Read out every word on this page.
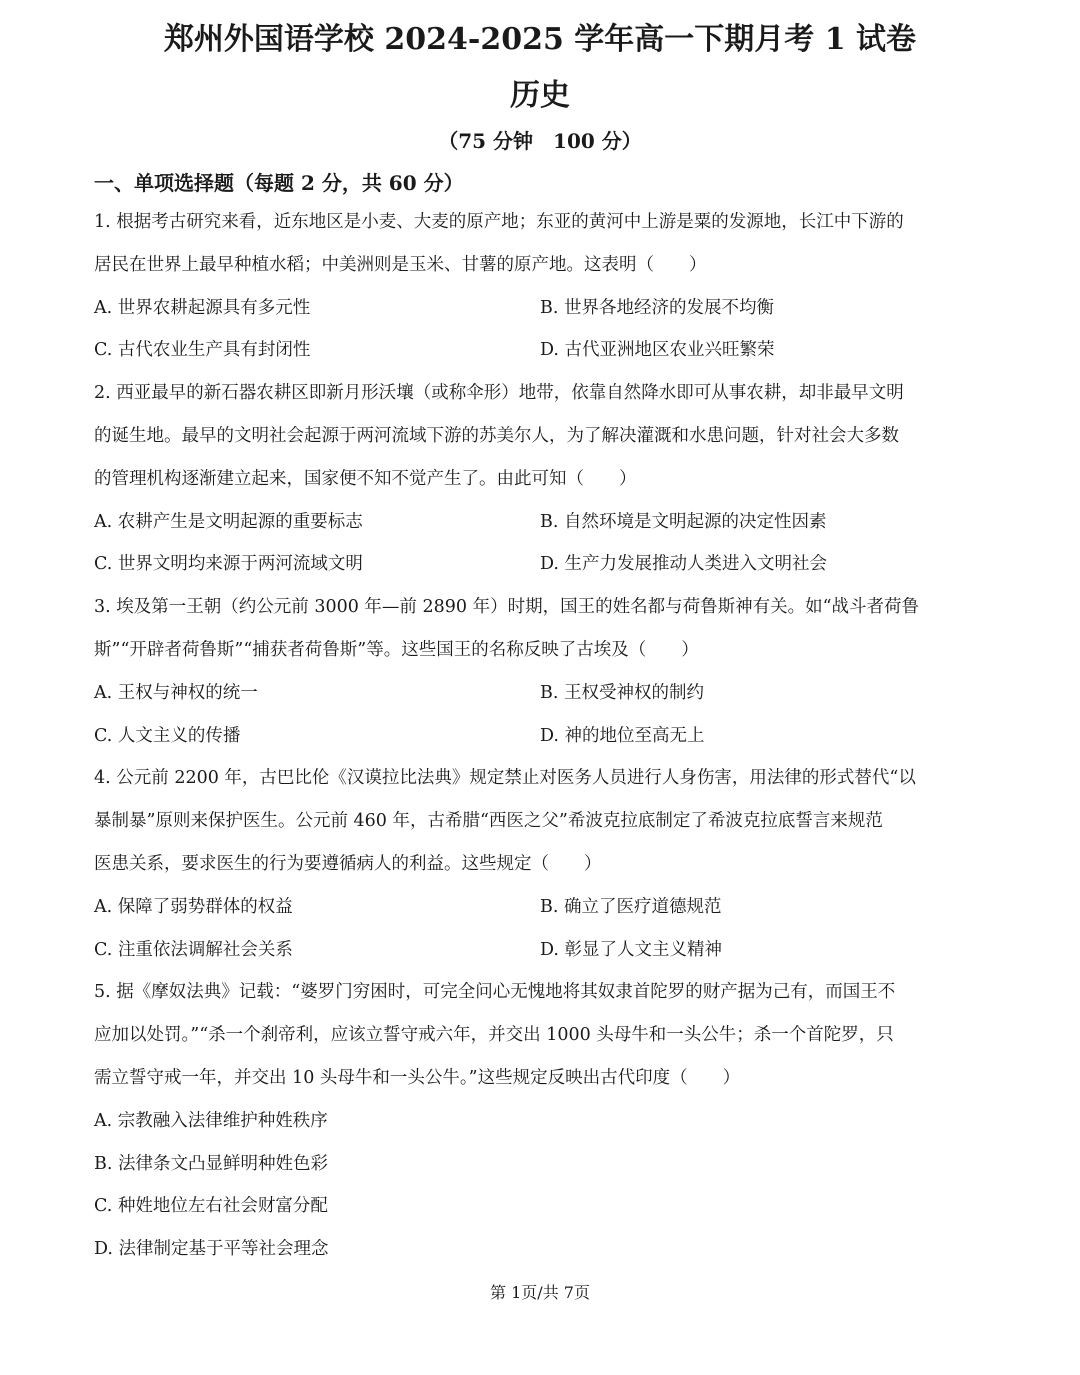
郑州外国语学校 2024-2025 学年高一下期月考 1 试卷
历史
（75 分钟　100 分）
一、单项选择题（每题 2 分，共 60 分）
1. 根据考古研究来看，近东地区是小麦、大麦的原产地；东亚的黄河中上游是粟的发源地，长江中下游的
居民在世界上最早种植水稻；中美洲则是玉米、甘薯的原产地。这表明（　　）
A. 世界农耕起源具有多元性	B. 世界各地经济的发展不均衡
C. 古代农业生产具有封闭性	D. 古代亚洲地区农业兴旺繁荣
2. 西亚最早的新石器农耕区即新月形沃壤（或称伞形）地带，依靠自然降水即可从事农耕，却非最早文明
的诞生地。最早的文明社会起源于两河流域下游的苏美尔人，为了解决灌溉和水患问题，针对社会大多数
的管理机构逐渐建立起来，国家便不知不觉产生了。由此可知（　　）
A. 农耕产生是文明起源的重要标志	B. 自然环境是文明起源的决定性因素
C. 世界文明均来源于两河流域文明	D. 生产力发展推动人类进入文明社会
3. 埃及第一王朝（约公元前 3000 年—前 2890 年）时期，国王的姓名都与荷鲁斯神有关。如“战斗者荷鲁
斯”“开辟者荷鲁斯”“捕获者荷鲁斯”等。这些国王的名称反映了古埃及（　　）
A. 王权与神权的统一	B. 王权受神权的制约
C. 人文主义的传播	D. 神的地位至高无上
4. 公元前 2200 年，古巴比伦《汉谟拉比法典》规定禁止对医务人员进行人身伤害，用法律的形式替代“以
暴制暴”原则来保护医生。公元前 460 年，古希腊“西医之父”希波克拉底制定了希波克拉底誓言来规范
医患关系，要求医生的行为要遵循病人的利益。这些规定（　　）
A. 保障了弱势群体的权益	B. 确立了医疗道德规范
C. 注重依法调解社会关系	D. 彰显了人文主义精神
5. 据《摩奴法典》记载：“婆罗门穷困时，可完全问心无愧地将其奴隶首陀罗的财产据为己有，而国王不
应加以处罚。”“杀一个刹帝利，应该立誓守戒六年，并交出 1000 头母牛和一头公牛；杀一个首陀罗，只
需立誓守戒一年，并交出 10 头母牛和一头公牛。”这些规定反映出古代印度（　　）
A. 宗教融入法律维护种姓秩序
B. 法律条文凸显鲜明种姓色彩
C. 种姓地位左右社会财富分配
D. 法律制定基于平等社会理念
第 1页/共 7页
